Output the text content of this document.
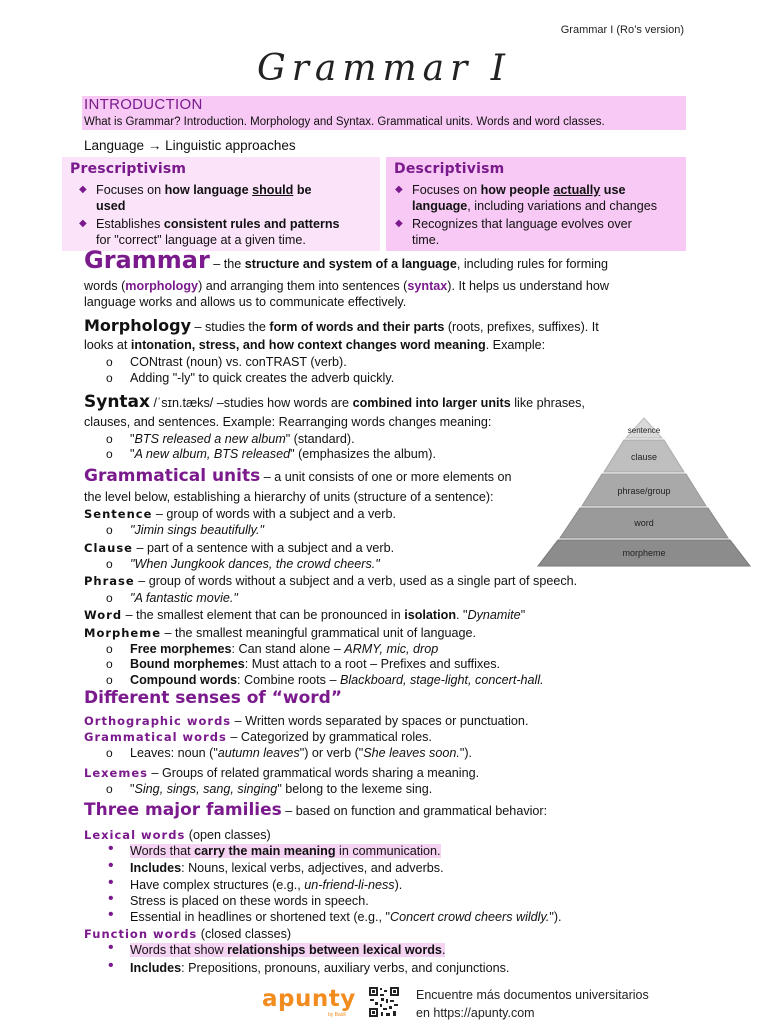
Grammar I (Ro’s version)
Grammar I
INTRODUCTION
What is Grammar? Introduction. Morphology and Syntax. Grammatical units. Words and word classes.
Language → Linguistic approaches
Prescriptivism
◆ Focuses on how language should be
used
◆ Establishes consistent rules and patterns
for "correct" language at a given time.
Descriptivism
◆ Focuses on how people actually use
language, including variations and changes
◆ Recognizes that language evolves over
time.
Grammar – the structure and system of a language, including rules for forming
words (morphology) and arranging them into sentences (syntax). It helps us understand how
language works and allows us to communicate effectively.
Morphology – studies the form of words and their parts (roots, prefixes, suffixes). It
looks at intonation, stress, and how context changes word meaning. Example:
o CONtrast (noun) vs. conTRAST (verb).
o Adding "-ly" to quick creates the adverb quickly.
Syntax /ˈsɪn.tæks/ –studies how words are combined into larger units like phrases,
clauses, and sentences. Example: Rearranging words changes meaning:
o "BTS released a new album" (standard).
o "A new album, BTS released" (emphasizes the album).
Grammatical units – a unit consists of one or more elements on
the level below, establishing a hierarchy of units (structure of a sentence):
Sentence – group of words with a subject and a verb.
o "Jimin sings beautifully."
Clause – part of a sentence with a subject and a verb.
o "When Jungkook dances, the crowd cheers."
Phrase – group of words without a subject and a verb, used as a single part of speech.
o "A fantastic movie."
Word – the smallest element that can be pronounced in isolation. "Dynamite"
Morpheme – the smallest meaningful grammatical unit of language.
o Free morphemes: Can stand alone – ARMY, mic, drop
o Bound morphemes: Must attach to a root – Prefixes and suffixes.
o Compound words: Combine roots – Blackboard, stage-light, concert-hall.
sentence
clause
phrase/group
word
morpheme
Different senses of “word”
Orthographic words – Written words separated by spaces or punctuation.
Grammatical words – Categorized by grammatical roles.
o Leaves: noun ("autumn leaves") or verb ("She leaves soon.").
Lexemes – Groups of related grammatical words sharing a meaning.
o "Sing, sings, sang, singing" belong to the lexeme sing.
Three major families – based on function and grammatical behavior:
Lexical words (open classes)
• Words that carry the main meaning in communication.
• Includes: Nouns, lexical verbs, adjectives, and adverbs.
• Have complex structures (e.g., un-friend-li-ness).
• Stress is placed on these words in speech.
• Essential in headlines or shortened text (e.g., "Concert crowd cheers wildly.").
Function words (closed classes)
• Words that show relationships between lexical words.
• Includes: Prepositions, pronouns, auxiliary verbs, and conjunctions.
apunty
by Baldi
Encuentre más documentos universitarios
en https://apunty.com
